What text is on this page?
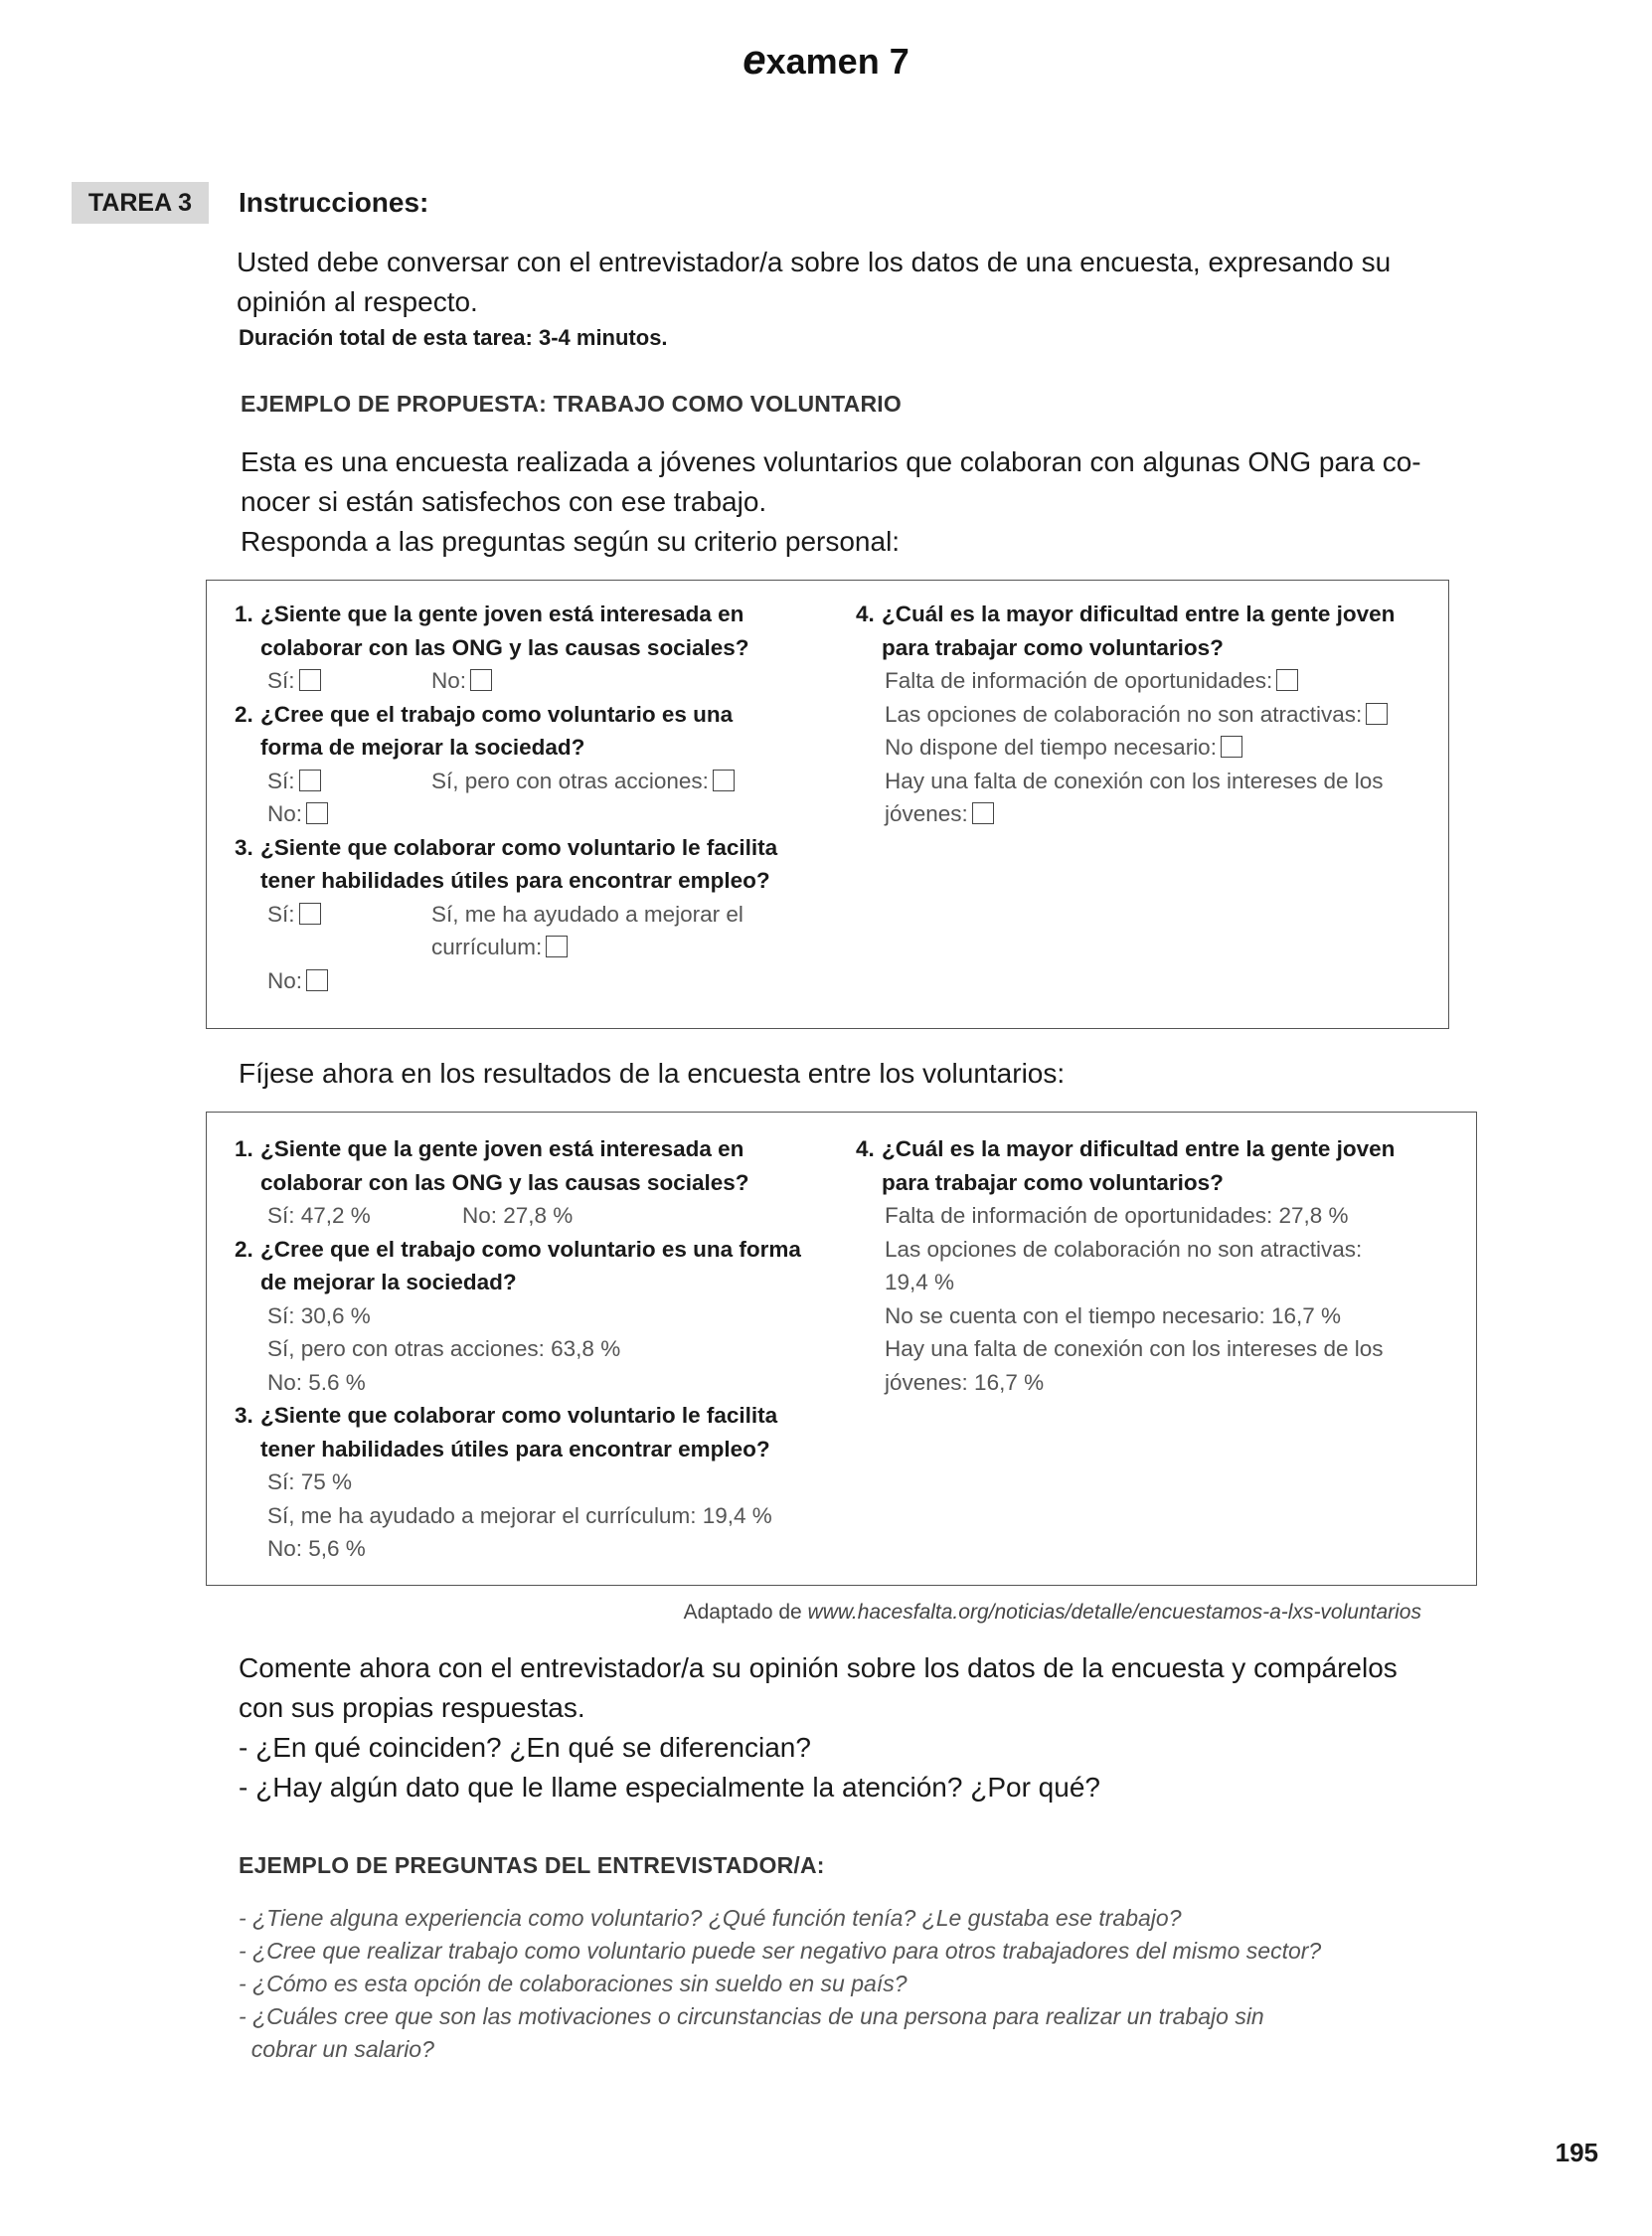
examen 7
TAREA 3	Instrucciones:
Usted debe conversar con el entrevistador/a sobre los datos de una encuesta, expresando su
opinión al respecto.
Duración total de esta tarea: 3-4 minutos.
EJEMPLO DE PROPUESTA: TRABAJO COMO VOLUNTARIO
Esta es una encuesta realizada a jóvenes voluntarios que colaboran con algunas ONG para co-
nocer si están satisfechos con ese trabajo.
Responda a las preguntas según su criterio personal:
1. ¿Siente que la gente joven está interesada en
colaborar con las ONG y las causas sociales?
Sí:	No:
2. ¿Cree que el trabajo como voluntario es una
forma de mejorar la sociedad?
Sí:	Sí, pero con otras acciones:
No:
3. ¿Siente que colaborar como voluntario le facilita
tener habilidades útiles para encontrar empleo?
Sí:	Sí, me ha ayudado a mejorar el
currículum:
No:
4. ¿Cuál es la mayor dificultad entre la gente joven
para trabajar como voluntarios?
Falta de información de oportunidades:
Las opciones de colaboración no son atractivas:
No dispone del tiempo necesario:
Hay una falta de conexión con los intereses de los
jóvenes:
Fíjese ahora en los resultados de la encuesta entre los voluntarios:
1. ¿Siente que la gente joven está interesada en
colaborar con las ONG y las causas sociales?
Sí: 47,2 %	No: 27,8 %
2. ¿Cree que el trabajo como voluntario es una forma
de mejorar la sociedad?
Sí: 30,6 %
Sí, pero con otras acciones: 63,8 %
No: 5.6 %
3. ¿Siente que colaborar como voluntario le facilita
tener habilidades útiles para encontrar empleo?
Sí: 75 %
Sí, me ha ayudado a mejorar el currículum: 19,4 %
No: 5,6 %
4. ¿Cuál es la mayor dificultad entre la gente joven
para trabajar como voluntarios?
Falta de información de oportunidades: 27,8 %
Las opciones de colaboración no son atractivas:
19,4 %
No se cuenta con el tiempo necesario: 16,7 %
Hay una falta de conexión con los intereses de los
jóvenes: 16,7 %
Adaptado de www.hacesfalta.org/noticias/detalle/encuestamos-a-lxs-voluntarios
Comente ahora con el entrevistador/a su opinión sobre los datos de la encuesta y compárelos
con sus propias respuestas.
- ¿En qué coinciden? ¿En qué se diferencian?
- ¿Hay algún dato que le llame especialmente la atención? ¿Por qué?
EJEMPLO DE PREGUNTAS DEL ENTREVISTADOR/A:
- ¿Tiene alguna experiencia como voluntario? ¿Qué función tenía? ¿Le gustaba ese trabajo?
- ¿Cree que realizar trabajo como voluntario puede ser negativo para otros trabajadores del mismo sector?
- ¿Cómo es esta opción de colaboraciones sin sueldo en su país?
- ¿Cuáles cree que son las motivaciones o circunstancias de una persona para realizar un trabajo sin
cobrar un salario?
195
